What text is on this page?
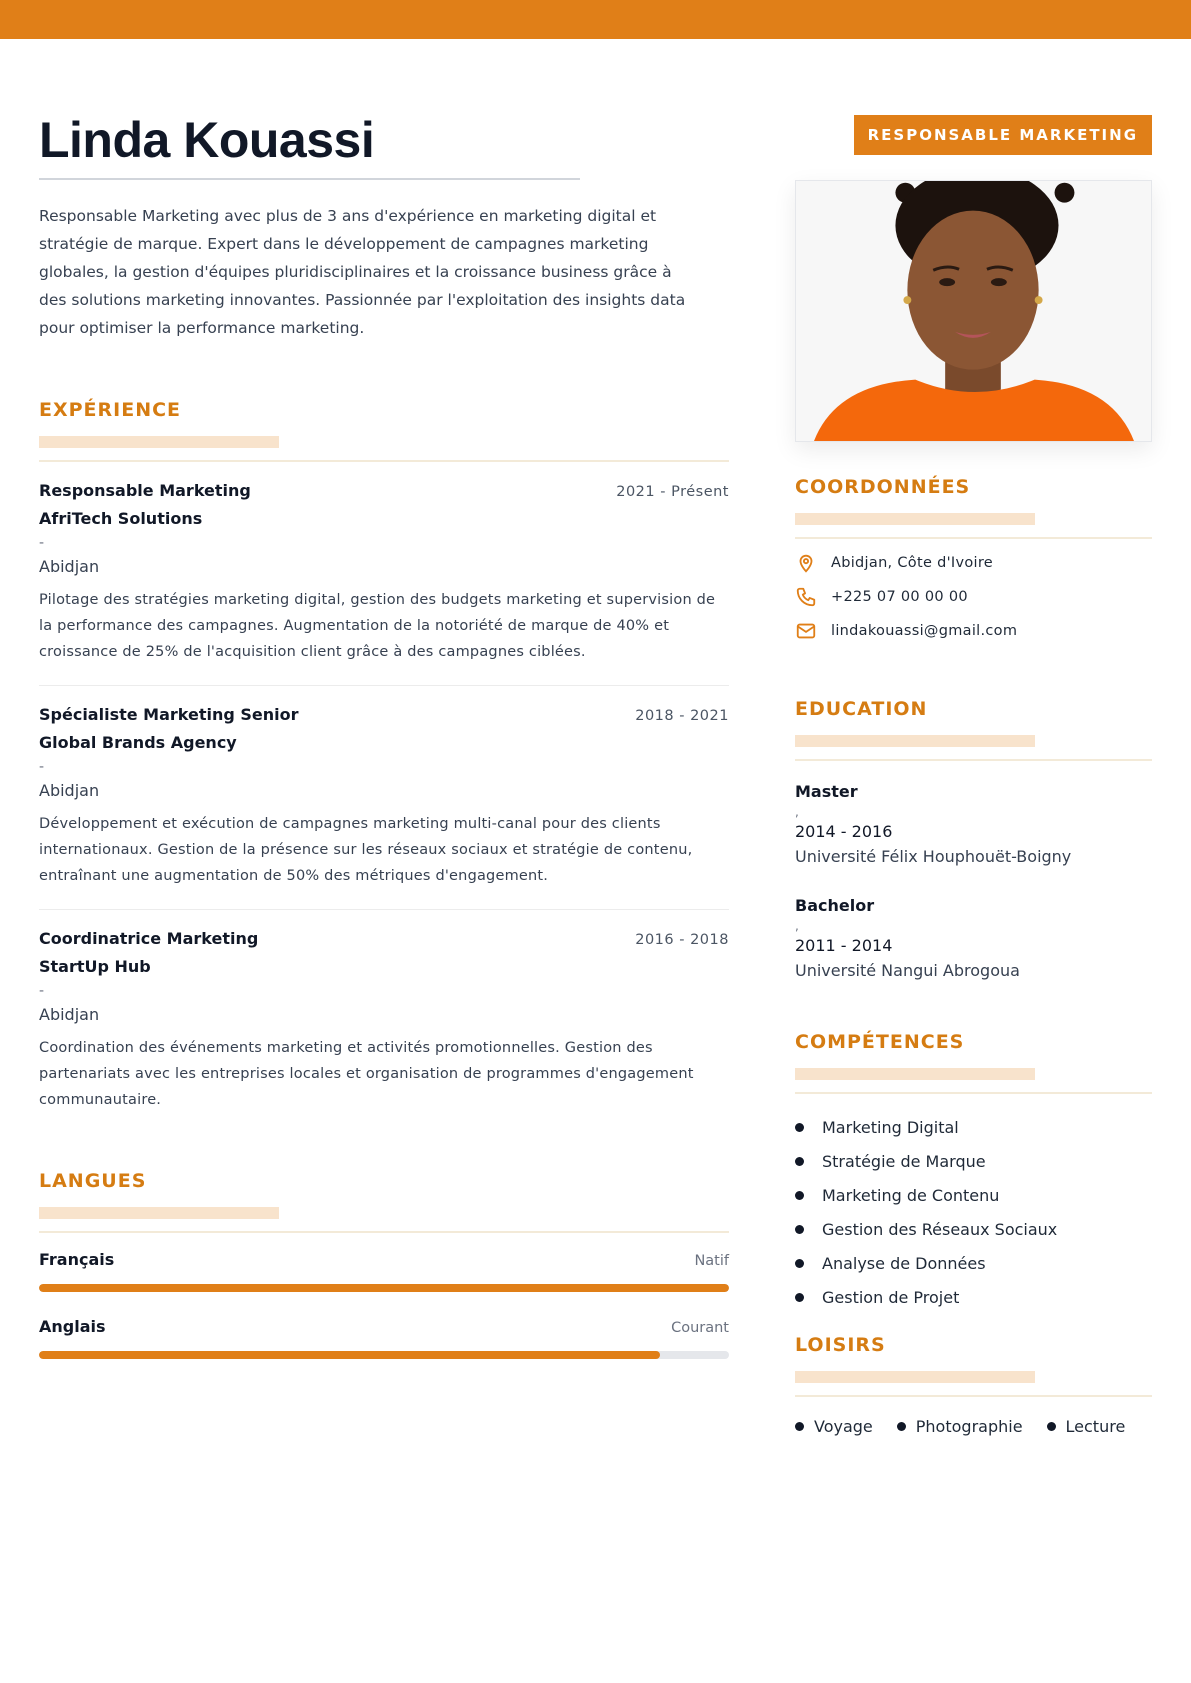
Linda Kouassi

Responsable Marketing avec plus de 3 ans d'expérience en marketing digital et stratégie de marque. Expert dans le développement de campagnes marketing globales, la gestion d'équipes pluridisciplinaires et la croissance business grâce à des solutions marketing innovantes. Passionnée par l'exploitation des insights data pour optimiser la performance marketing.

EXPÉRIENCE
Responsable Marketing	2021 - Présent
AfriTech Solutions
-
Abidjan

Pilotage des stratégies marketing digital, gestion des budgets marketing et supervision de la performance des campagnes. Augmentation de la notoriété de marque de 40% et croissance de 25% de l'acquisition client grâce à des campagnes ciblées.

Spécialiste Marketing Senior	2018 - 2021
Global Brands Agency
-
Abidjan

Développement et exécution de campagnes marketing multi-canal pour des clients internationaux. Gestion de la présence sur les réseaux sociaux et stratégie de contenu, entraînant une augmentation de 50% des métriques d'engagement.

Coordinatrice Marketing	2016 - 2018
StartUp Hub
-
Abidjan

Coordination des événements marketing et activités promotionnelles. Gestion des partenariats avec les entreprises locales et organisation de programmes d'engagement communautaire.

LANGUES
Français	Natif
Anglais	Courant
RESPONSABLE MARKETING
COORDONNÉES
Abidjan, Côte d'Ivoire
+225 07 00 00 00
lindakouassi@gmail.com
EDUCATION
Master
,
2014 - 2016
Université Félix Houphouët-Boigny
Bachelor
,
2011 - 2014
Université Nangui Abrogoua
COMPÉTENCES
Marketing Digital
Stratégie de Marque
Marketing de Contenu
Gestion des Réseaux Sociaux
Analyse de Données
Gestion de Projet
LOISIRS
Voyage	Photographie	Lecture
